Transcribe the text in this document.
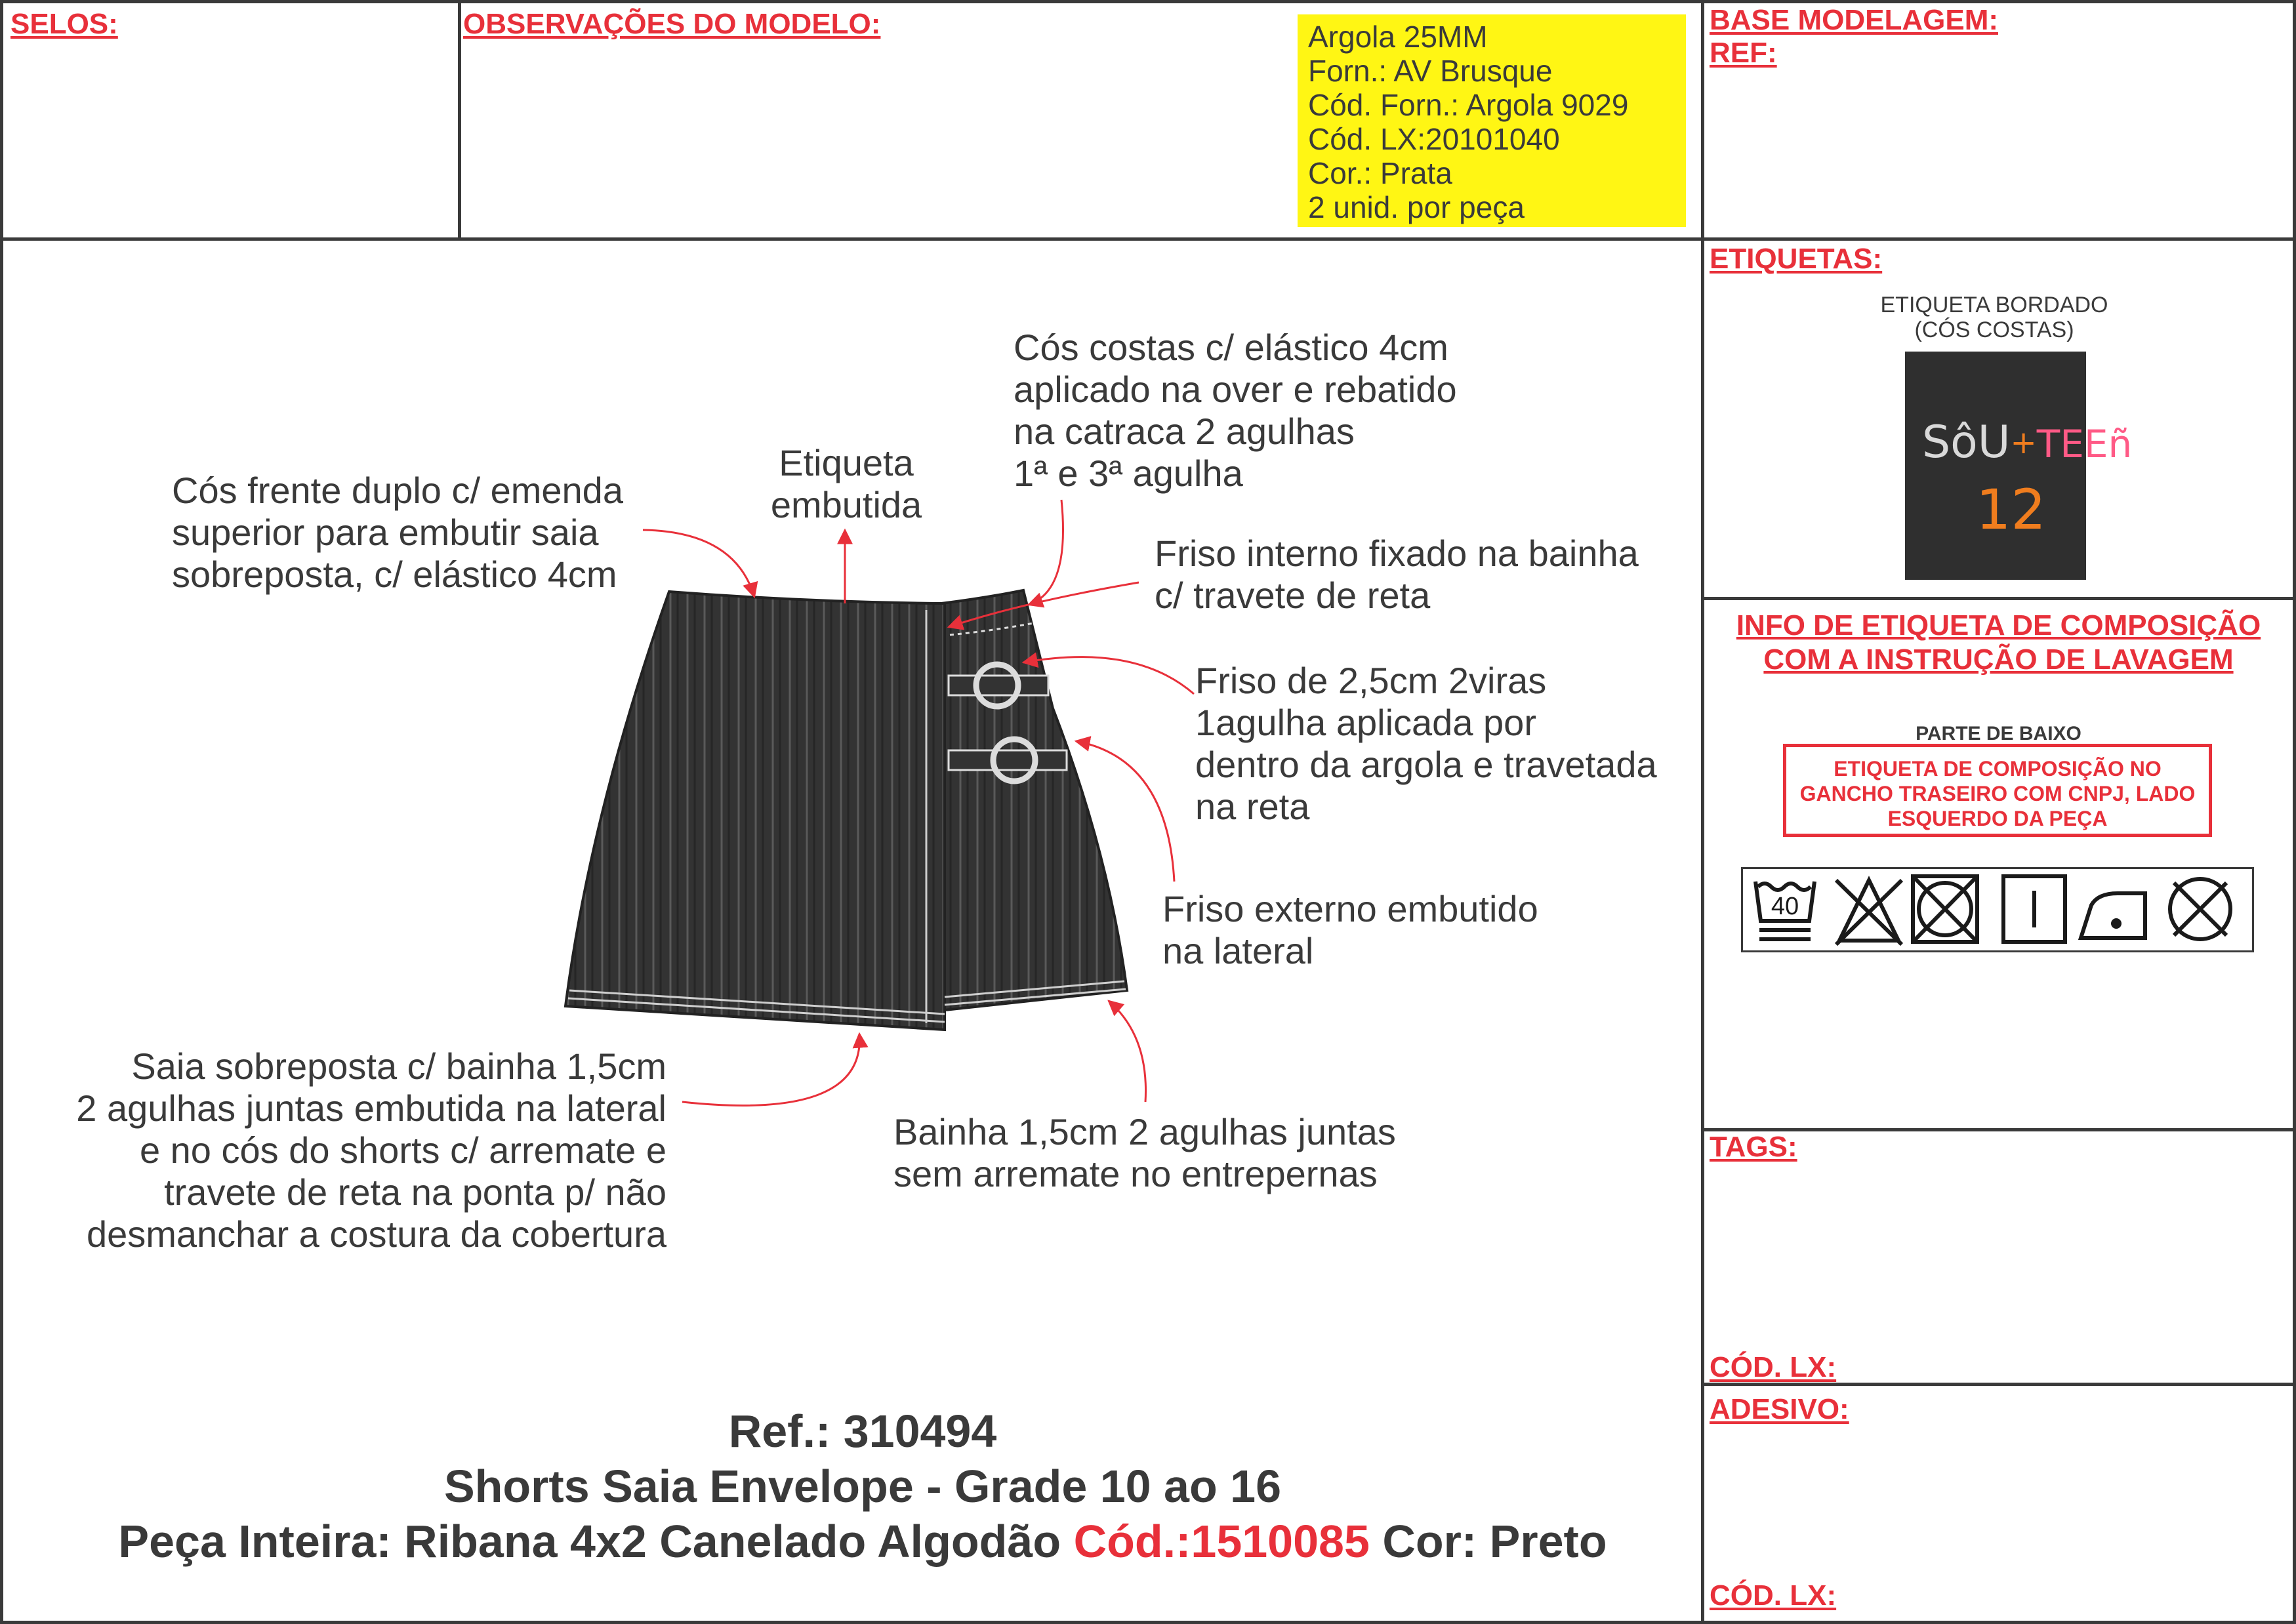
SELOS:	OBSERVAÇÕES DO MODELO:	BASE MODELAGEM:
REF:
Argola 25MM
Forn.: AV Brusque
Cód. Forn.: Argola 9029
Cód. LX:20101040
Cor.: Prata
2 unid. por peça
ETIQUETAS:
ETIQUETA BORDADO
(CÓS COSTAS)
SôU+TEEñ
12
INFO DE ETIQUETA DE COMPOSIÇÃO
COM A INSTRUÇÃO DE LAVAGEM
PARTE DE BAIXO
ETIQUETA DE COMPOSIÇÃO NO
GANCHO TRASEIRO COM CNPJ, LADO
ESQUERDO DA PEÇA
40
TAGS:
CÓD. LX:
ADESIVO:
CÓD. LX:
Cós frente duplo c/ emenda
superior para embutir saia
sobreposta, c/ elástico 4cm
Etiqueta
embutida
Cós costas c/ elástico 4cm
aplicado na over e rebatido
na catraca 2 agulhas
1ª e 3ª agulha
Friso interno fixado na bainha
c/ travete de reta
Friso de 2,5cm 2viras
1agulha aplicada por
dentro da argola e travetada
na reta
Friso externo embutido
na lateral
Saia sobreposta c/ bainha 1,5cm
2 agulhas juntas embutida na lateral
e no cós do shorts c/ arremate e
travete de reta na ponta p/ não
desmanchar a costura da cobertura
Bainha 1,5cm 2 agulhas juntas
sem arremate no entrepernas
Ref.: 310494
Shorts Saia Envelope - Grade 10 ao 16
Peça Inteira: Ribana 4x2 Canelado Algodão Cód.:1510085 Cor: Preto
